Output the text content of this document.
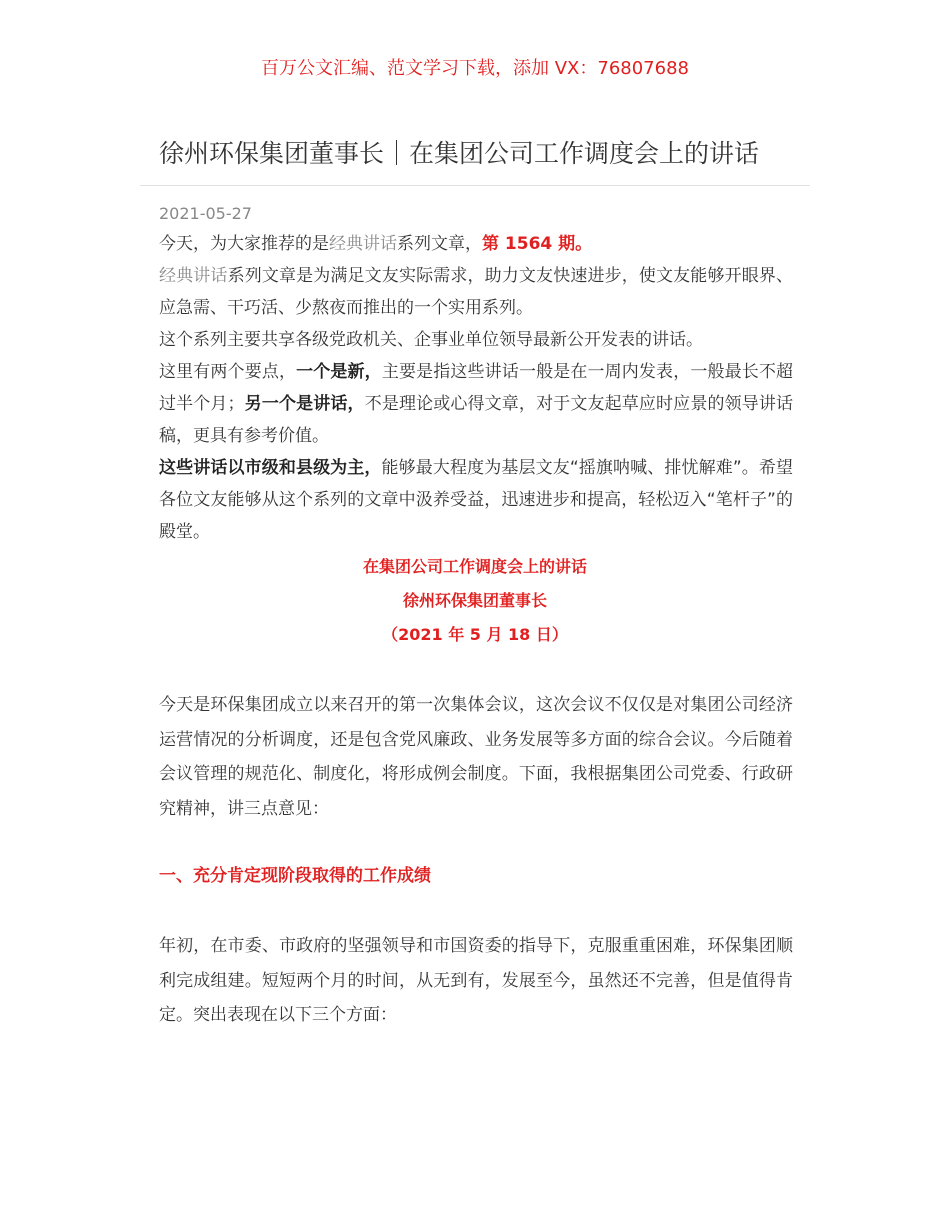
百万公文汇编、范文学习下载，添加 VX：76807688
徐州环保集团董事长｜在集团公司工作调度会上的讲话
2021-05-27

今天，为大家推荐的是经典讲话系列文章，第 1564 期。

经典讲话系列文章是为满足文友实际需求，助力文友快速进步，使文友能够开眼界、应急需、干巧活、少熬夜而推出的一个实用系列。

这个系列主要共享各级党政机关、企事业单位领导最新公开发表的讲话。

这里有两个要点，一个是新，主要是指这些讲话一般是在一周内发表，一般最长不超过半个月；另一个是讲话，不是理论或心得文章，对于文友起草应时应景的领导讲话稿，更具有参考价值。

这些讲话以市级和县级为主，能够最大程度为基层文友“摇旗呐喊、排忧解难”。希望各位文友能够从这个系列的文章中汲养受益，迅速进步和提高，轻松迈入“笔杆子”的殿堂。

在集团公司工作调度会上的讲话
徐州环保集团董事长
（2021 年 5 月 18 日）

今天是环保集团成立以来召开的第一次集体会议，这次会议不仅仅是对集团公司经济运营情况的分析调度，还是包含党风廉政、业务发展等多方面的综合会议。今后随着会议管理的规范化、制度化，将形成例会制度。下面，我根据集团公司党委、行政研究精神，讲三点意见：

一、充分肯定现阶段取得的工作成绩

年初，在市委、市政府的坚强领导和市国资委的指导下，克服重重困难，环保集团顺利完成组建。短短两个月的时间，从无到有，发展至今，虽然还不完善，但是值得肯定。突出表现在以下三个方面：
